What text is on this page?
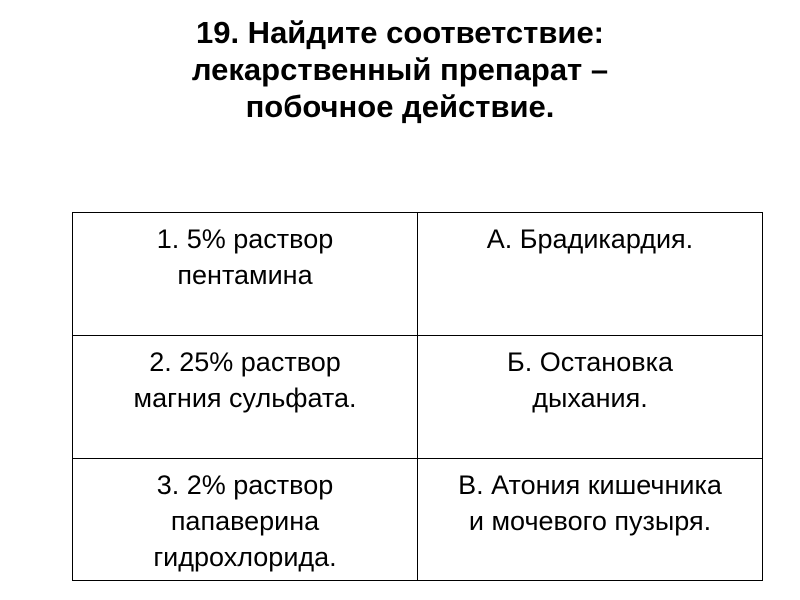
19. Найдите соответствие:
лекарственный препарат –
побочное действие.
1. 5% раствор
пентамина	А. Брадикардия.

2. 25% раствор
магния сульфата.	Б. Остановка
дыхания.

3. 2% раствор
папаверина
гидрохлорида.	В. Атония кишечника
и мочевого пузыря.
